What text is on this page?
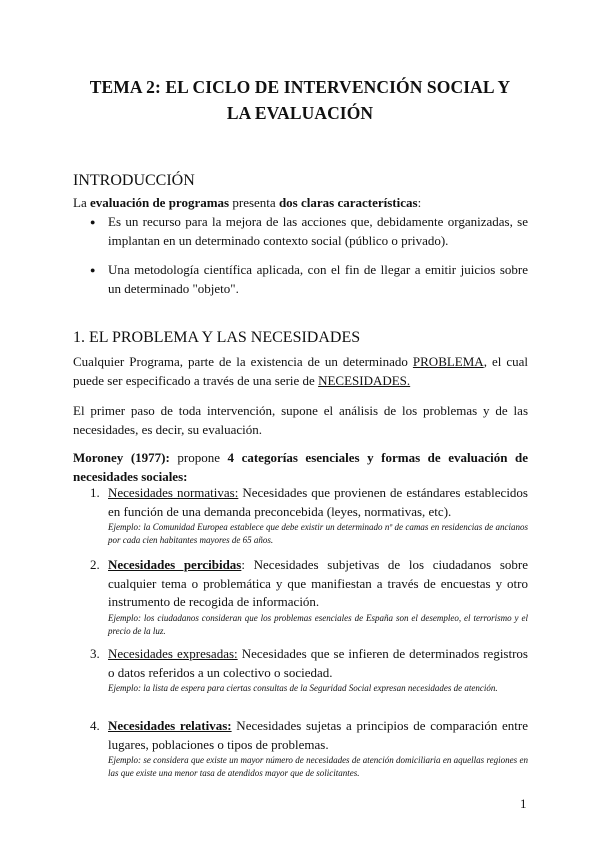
TEMA 2: EL CICLO DE INTERVENCIÓN SOCIAL Y
LA EVALUACIÓN
INTRODUCCIÓN
La evaluación de programas presenta dos claras características:
● Es un recurso para la mejora de las acciones que, debidamente organizadas, se implantan en un determinado contexto social (público o privado).
● Una metodología científica aplicada, con el fin de llegar a emitir juicios sobre un determinado "objeto".
1. EL PROBLEMA Y LAS NECESIDADES
Cualquier Programa, parte de la existencia de un determinado PROBLEMA, el cual puede ser especificado a través de una serie de NECESIDADES.
El primer paso de toda intervención, supone el análisis de los problemas y de las necesidades, es decir, su evaluación.
Moroney (1977): propone 4 categorías esenciales y formas de evaluación de necesidades sociales:
1. Necesidades normativas: Necesidades que provienen de estándares establecidos en función de una demanda preconcebida (leyes, normativas, etc).
Ejemplo: la Comunidad Europea establece que debe existir un determinado nº de camas en residencias de ancianos por cada cien habitantes mayores de 65 años.
2. Necesidades percibidas: Necesidades subjetivas de los ciudadanos sobre cualquier tema o problemática y que manifiestan a través de encuestas y otro instrumento de recogida de información.
Ejemplo: los ciudadanos consideran que los problemas esenciales de España son el desempleo, el terrorismo y el precio de la luz.
3. Necesidades expresadas: Necesidades que se infieren de determinados registros o datos referidos a un colectivo o sociedad.
Ejemplo: la lista de espera para ciertas consultas de la Seguridad Social expresan necesidades de atención.
4. Necesidades relativas: Necesidades sujetas a principios de comparación entre lugares, poblaciones o tipos de problemas.
Ejemplo: se considera que existe un mayor número de necesidades de atención domiciliaria en aquellas regiones en las que existe una menor tasa de atendidos mayor que de solicitantes.
1
